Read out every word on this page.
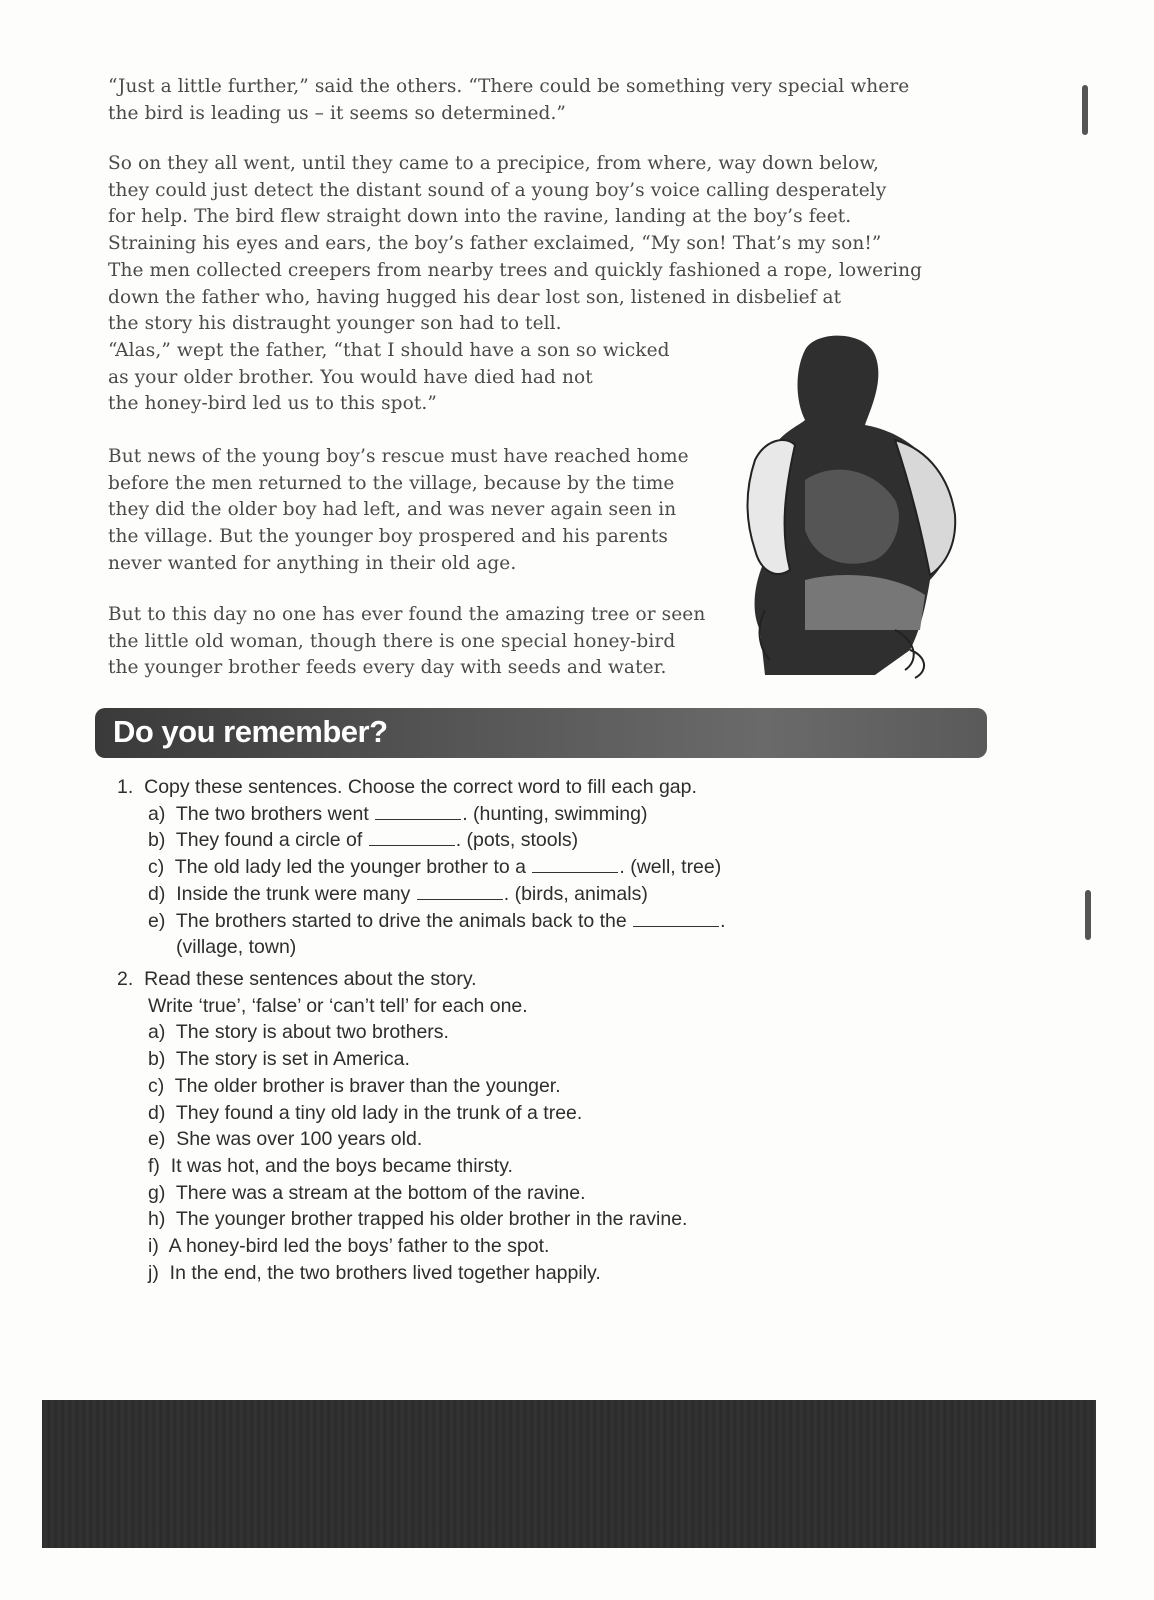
“Just a little further,” said the others. “There could be something very special where
the bird is leading us – it seems so determined.”
So on they all went, until they came to a precipice, from where, way down below,
they could just detect the distant sound of a young boy’s voice calling desperately
for help. The bird flew straight down into the ravine, landing at the boy’s feet.
Straining his eyes and ears, the boy’s father exclaimed, “My son! That’s my son!”
The men collected creepers from nearby trees and quickly fashioned a rope, lowering
down the father who, having hugged his dear lost son, listened in disbelief at
the story his distraught younger son had to tell.
“Alas,” wept the father, “that I should have a son so wicked
as your older brother. You would have died had not
the honey-bird led us to this spot.”
But news of the young boy’s rescue must have reached home
before the men returned to the village, because by the time
they did the older boy had left, and was never again seen in
the village. But the younger boy prospered and his parents
never wanted for anything in their old age.
But to this day no one has ever found the amazing tree or seen
the little old woman, though there is one special honey-bird
the younger brother feeds every day with seeds and water.
Do you remember?
1. Copy these sentences. Choose the correct word to fill each gap.
a) The two brothers went	. (hunting, swimming)
b) They found a circle of	. (pots, stools)
c) The old lady led the younger brother to a	. (well, tree)
d) Inside the trunk were many	. (birds, animals)
e) The brothers started to drive the animals back to the	.
(village, town)
2. Read these sentences about the story.
Write ‘true’, ‘false’ or ‘can’t tell’ for each one.
a) The story is about two brothers.
b) The story is set in America.
c) The older brother is braver than the younger.
d) They found a tiny old lady in the trunk of a tree.
e) She was over 100 years old.
f) It was hot, and the boys became thirsty.
g) There was a stream at the bottom of the ravine.
h) The younger brother trapped his older brother in the ravine.
i) A honey-bird led the boys’ father to the spot.
j) In the end, the two brothers lived together happily.
